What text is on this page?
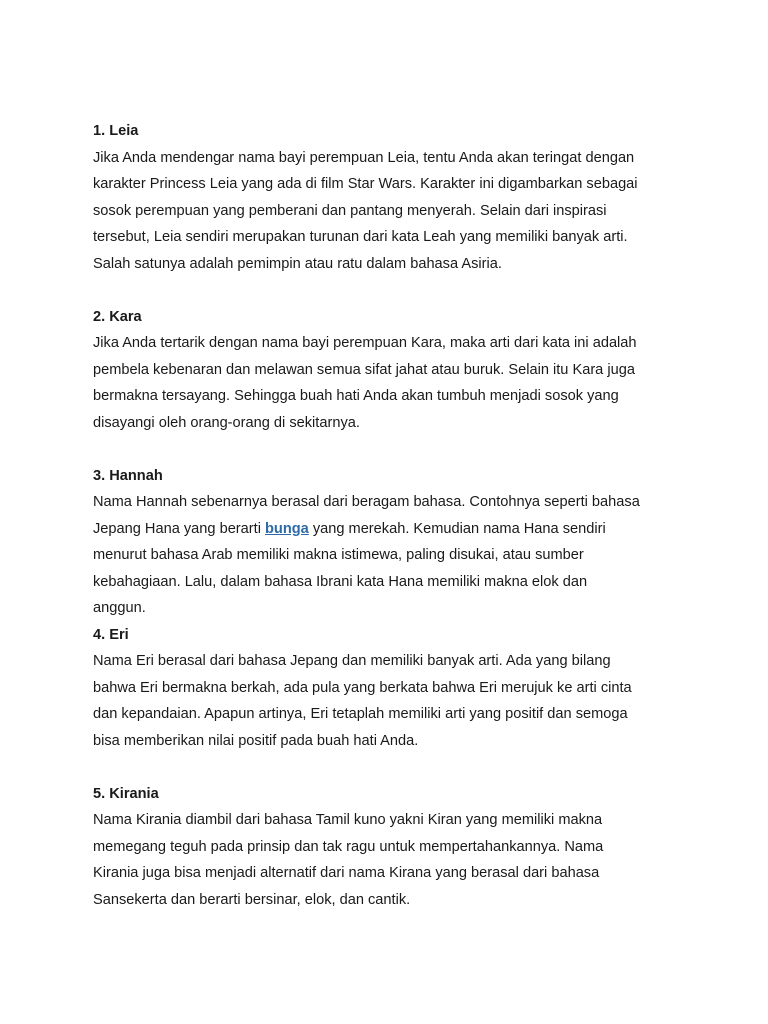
1. Leia
Jika Anda mendengar nama bayi perempuan Leia, tentu Anda akan teringat dengan
karakter Princess Leia yang ada di film Star Wars. Karakter ini digambarkan sebagai
sosok perempuan yang pemberani dan pantang menyerah. Selain dari inspirasi
tersebut, Leia sendiri merupakan turunan dari kata Leah yang memiliki banyak arti.
Salah satunya adalah pemimpin atau ratu dalam bahasa Asiria.
2. Kara
Jika Anda tertarik dengan nama bayi perempuan Kara, maka arti dari kata ini adalah
pembela kebenaran dan melawan semua sifat jahat atau buruk. Selain itu Kara juga
bermakna tersayang. Sehingga buah hati Anda akan tumbuh menjadi sosok yang
disayangi oleh orang-orang di sekitarnya.
3. Hannah
Nama Hannah sebenarnya berasal dari beragam bahasa. Contohnya seperti bahasa
Jepang Hana yang berarti bunga yang merekah. Kemudian nama Hana sendiri
menurut bahasa Arab memiliki makna istimewa, paling disukai, atau sumber
kebahagiaan. Lalu, dalam bahasa Ibrani kata Hana memiliki makna elok dan
anggun.
4. Eri
Nama Eri berasal dari bahasa Jepang dan memiliki banyak arti. Ada yang bilang
bahwa Eri bermakna berkah, ada pula yang berkata bahwa Eri merujuk ke arti cinta
dan kepandaian. Apapun artinya, Eri tetaplah memiliki arti yang positif dan semoga
bisa memberikan nilai positif pada buah hati Anda.
5. Kirania
Nama Kirania diambil dari bahasa Tamil kuno yakni Kiran yang memiliki makna
memegang teguh pada prinsip dan tak ragu untuk mempertahankannya. Nama
Kirania juga bisa menjadi alternatif dari nama Kirana yang berasal dari bahasa
Sansekerta dan berarti bersinar, elok, dan cantik.
